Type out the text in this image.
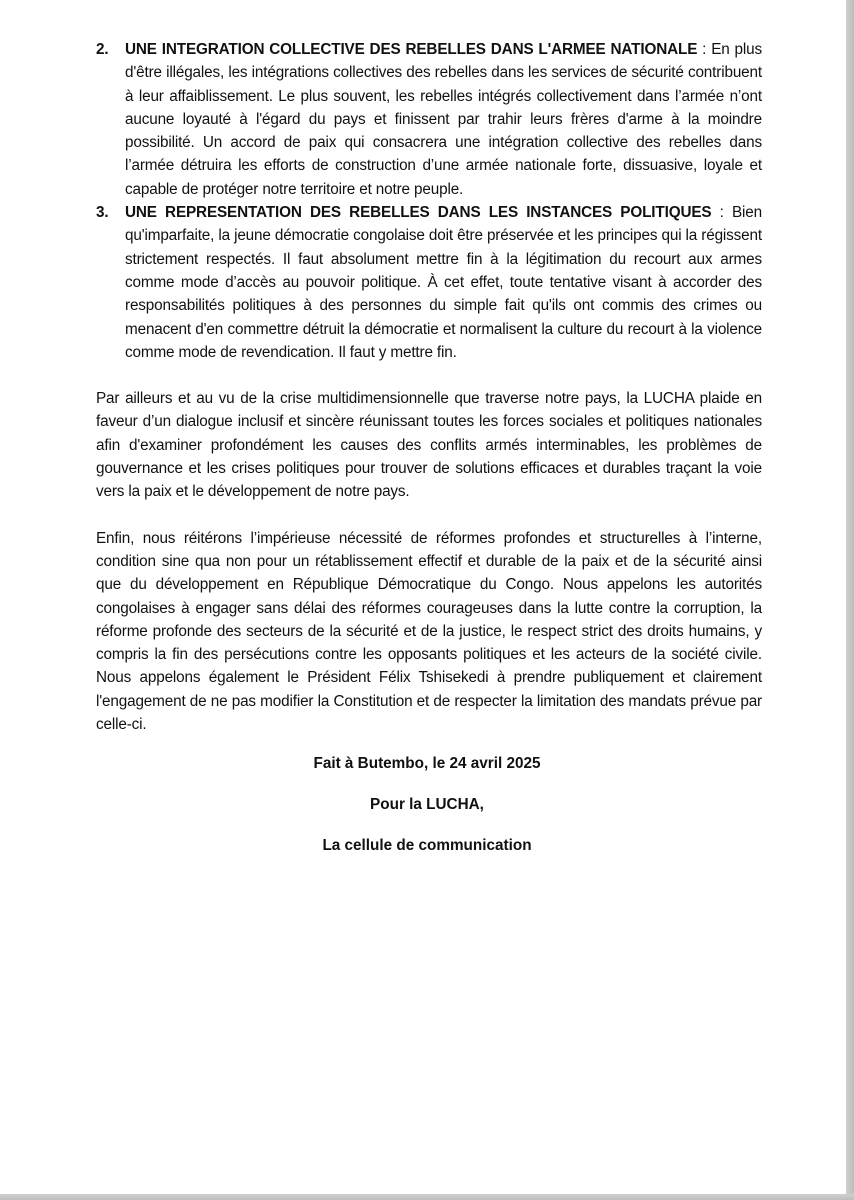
2. UNE INTEGRATION COLLECTIVE DES REBELLES DANS L'ARMEE NATIONALE : En plus d'être illégales, les intégrations collectives des rebelles dans les services de sécurité contribuent à leur affaiblissement. Le plus souvent, les rebelles intégrés collectivement dans l’armée n’ont aucune loyauté à l'égard du pays et finissent par trahir leurs frères d'arme à la moindre possibilité. Un accord de paix qui consacrera une intégration collective des rebelles dans l’armée détruira les efforts de construction d’une armée nationale forte, dissuasive, loyale et capable de protéger notre territoire et notre peuple.
3. UNE REPRESENTATION DES REBELLES DANS LES INSTANCES POLITIQUES : Bien qu'imparfaite, la jeune démocratie congolaise doit être préservée et les principes qui la régissent strictement respectés. Il faut absolument mettre fin à la légitimation du recourt aux armes comme mode d’accès au pouvoir politique. À cet effet, toute tentative visant à accorder des responsabilités politiques à des personnes du simple fait qu'ils ont commis des crimes ou menacent d'en commettre détruit la démocratie et normalisent la culture du recourt à la violence comme mode de revendication. Il faut y mettre fin.

Par ailleurs et au vu de la crise multidimensionnelle que traverse notre pays, la LUCHA plaide en faveur d’un dialogue inclusif et sincère réunissant toutes les forces sociales et politiques nationales afin d'examiner profondément les causes des conflits armés interminables, les problèmes de gouvernance et les crises politiques pour trouver de solutions efficaces et durables traçant la voie vers la paix et le développement de notre pays.

Enfin, nous réitérons l’impérieuse nécessité de réformes profondes et structurelles à l’interne, condition sine qua non pour un rétablissement effectif et durable de la paix et de la sécurité ainsi que du développement en République Démocratique du Congo. Nous appelons les autorités congolaises à engager sans délai des réformes courageuses dans la lutte contre la corruption, la réforme profonde des secteurs de la sécurité et de la justice, le respect strict des droits humains, y compris la fin des persécutions contre les opposants politiques et les acteurs de la société civile. Nous appelons également le Président Félix Tshisekedi à prendre publiquement et clairement l'engagement de ne pas modifier la Constitution et de respecter la limitation des mandats prévue par celle-ci.

Fait à Butembo, le 24 avril 2025
Pour la LUCHA,
La cellule de communication
